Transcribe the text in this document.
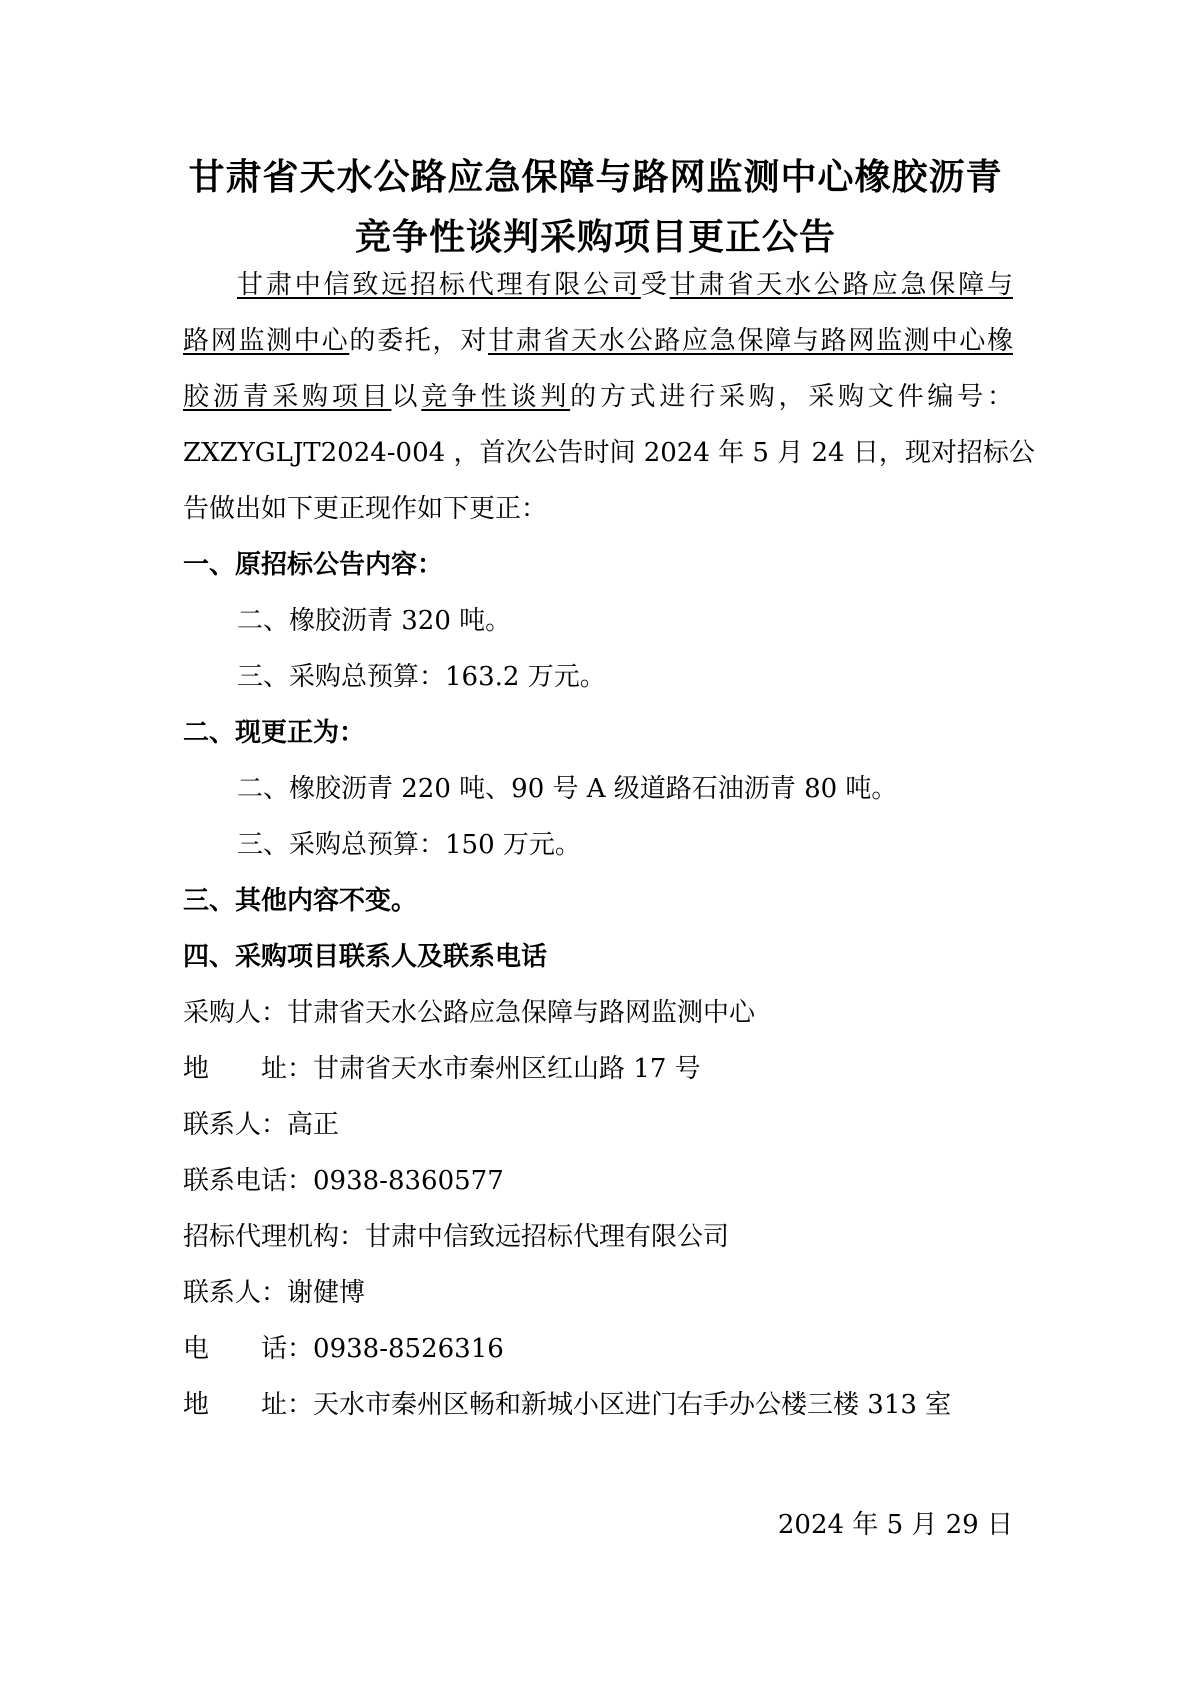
甘肃省天水公路应急保障与路网监测中心橡胶沥青
竞争性谈判采购项目更正公告
甘肃中信致远招标代理有限公司受甘肃省天水公路应急保障与
路网监测中心的委托，对甘肃省天水公路应急保障与路网监测中心橡
胶沥青采购项目以竞争性谈判的方式进行采购，采购文件编号：
ZXZYGLJT2024-004 ，首次公告时间 2024 年 5 月 24 日，现对招标公
告做出如下更正现作如下更正：
一、原招标公告内容：
二、橡胶沥青 320 吨。
三、采购总预算：163.2 万元。
二、现更正为：
二、橡胶沥青 220 吨、90 号 A 级道路石油沥青 80 吨。
三、采购总预算：150 万元。
三、其他内容不变。
四、采购项目联系人及联系电话
采购人：甘肃省天水公路应急保障与路网监测中心
地 址：甘肃省天水市秦州区红山路 17 号
联系人：高正
联系电话：0938-8360577
招标代理机构：甘肃中信致远招标代理有限公司
联系人：谢健博
电 话：0938-8526316
地 址：天水市秦州区畅和新城小区进门右手办公楼三楼 313 室
2024 年 5 月 29 日
